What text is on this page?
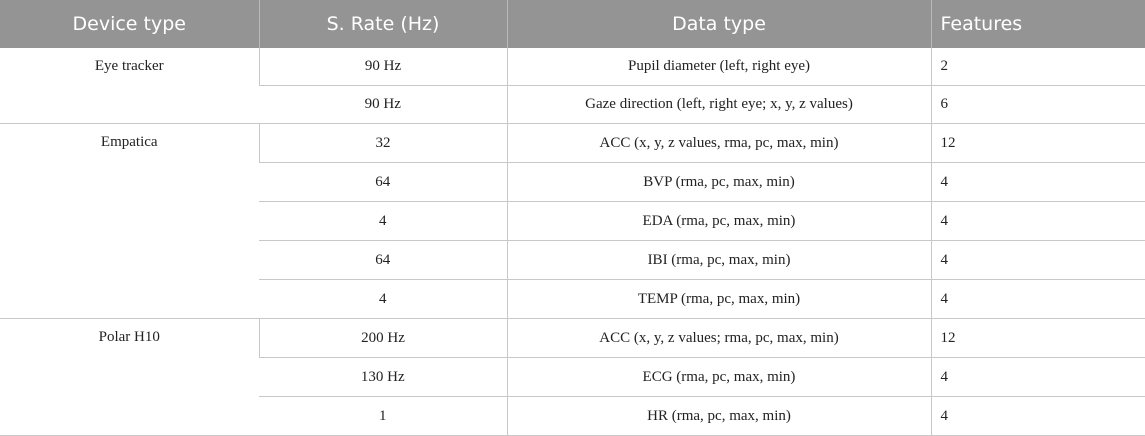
Device type	S. Rate (Hz)	Data type	Features
Eye tracker	90 Hz	Pupil diameter (left, right eye)	2
	90 Hz	Gaze direction (left, right eye; x, y, z values)	6
Empatica	32	ACC (x, y, z values, rma, pc, max, min)	12
	64	BVP (rma, pc, max, min)	4
	4	EDA (rma, pc, max, min)	4
	64	IBI (rma, pc, max, min)	4
	4	TEMP (rma, pc, max, min)	4
Polar H10	200 Hz	ACC (x, y, z values; rma, pc, max, min)	12
	130 Hz	ECG (rma, pc, max, min)	4
	1	HR (rma, pc, max, min)	4
